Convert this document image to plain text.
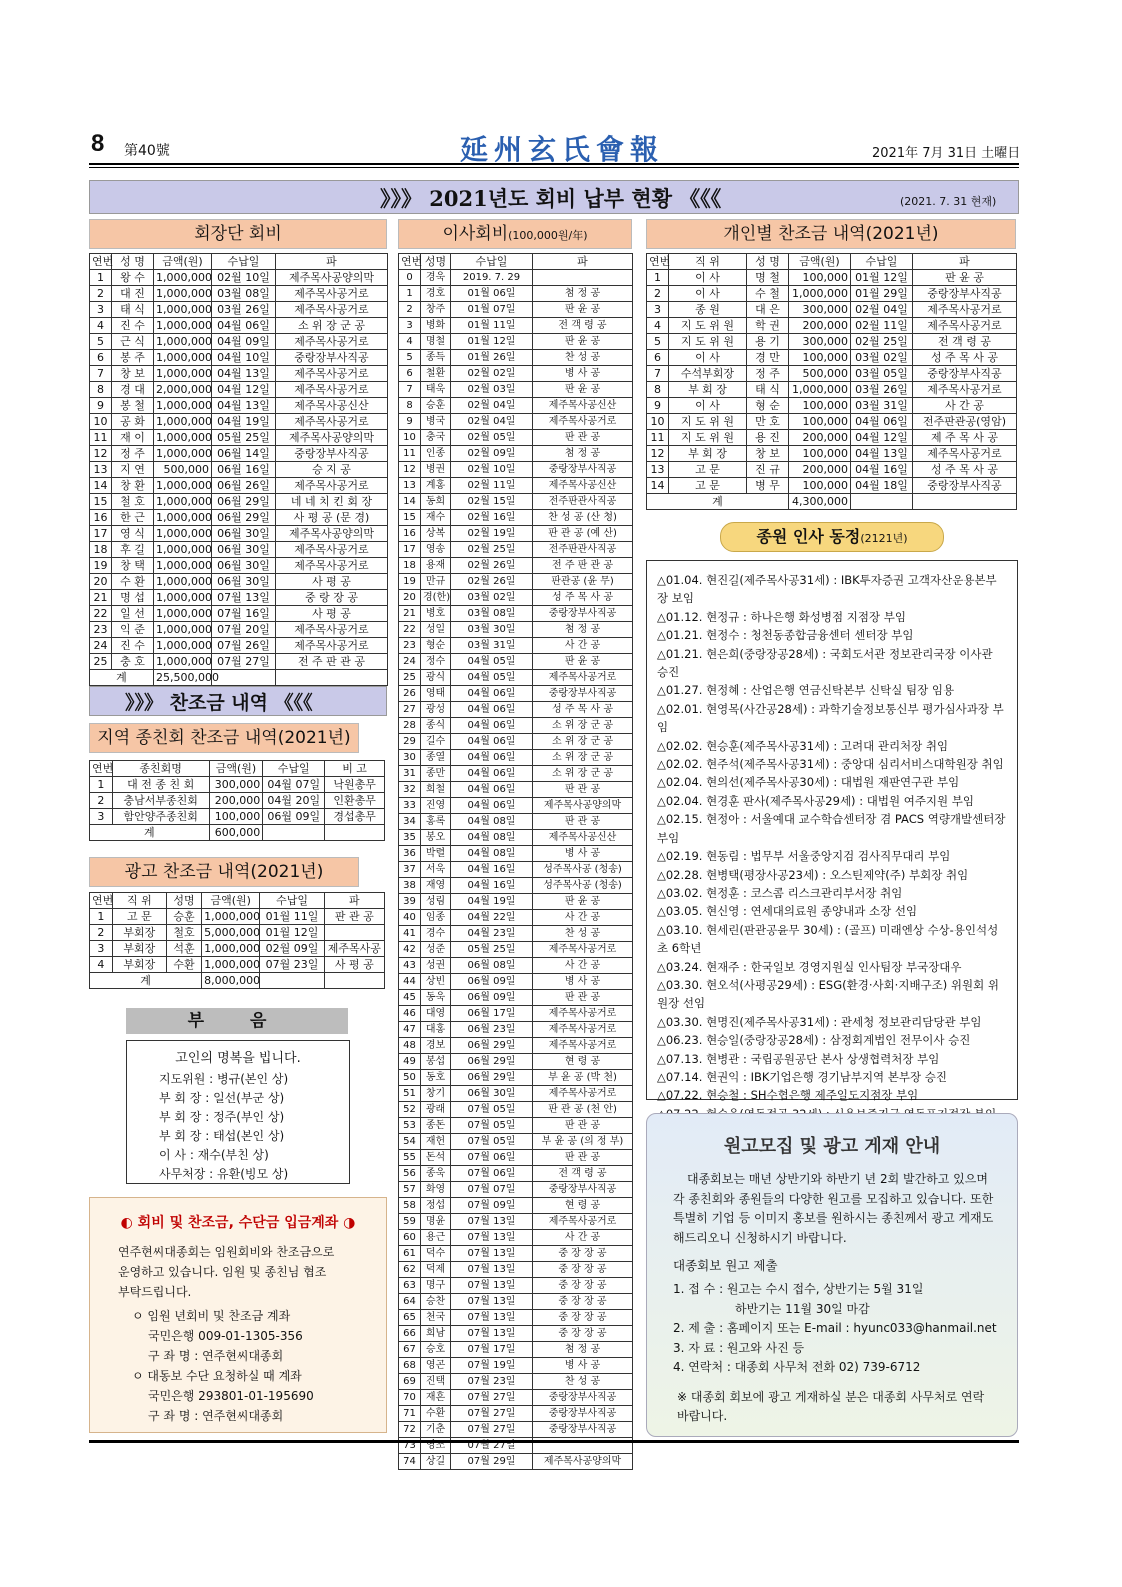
8 第40號	延州玄氏會報	2021年 7月 31日 土曜日
》》》 2021년도 회비 납부 현황 《《《	(2021. 7. 31 현재)
회장단 회비
연번	성 명	금액(원)	수납일	파
1	왕 수	1,000,000	02월 10일	제주목사공양의막
2	대 진	1,000,000	03월 08일	제주목사공거로
3	태 식	1,000,000	03월 26일	제주목사공거로
4	진 수	1,000,000	04월 06일	소 위 장 군 공
5	근 식	1,000,000	04월 09일	제주목사공거로
6	봉 주	1,000,000	04월 10일	중랑장부사직공
7	창 보	1,000,000	04월 13일	제주목사공거로
8	경 대	2,000,000	04월 12일	제주목사공거로
9	봉 철	1,000,000	04월 13일	제주목사공신산
10	공 화	1,000,000	04월 19일	제주목사공거로
11	재 이	1,000,000	05월 25일	제주목사공양의막
12	정 주	1,000,000	06월 14일	중랑장부사직공
13	지 연	500,000	06월 16일	승 지 공
14	창 환	1,000,000	06월 26일	제주목사공거로
15	철 호	1,000,000	06월 29일	네 네 치 킨 회 장
16	한 근	1,000,000	06월 29일	사 평 공 (문 경)
17	영 식	1,000,000	06월 30일	제주목사공양의막
18	후 길	1,000,000	06월 30일	제주목사공거로
19	창 택	1,000,000	06월 30일	제주목사공거로
20	수 환	1,000,000	06월 30일	사 평 공
21	명 섭	1,000,000	07월 13일	중 랑 장 공
22	일 선	1,000,000	07월 16일	사 평 공
23	익 준	1,000,000	07월 20일	제주목사공거로
24	진 수	1,000,000	07월 26일	제주목사공거로
25	충 호	1,000,000	07월 27일	전 주 판 관 공
계		25,500,000		
》》》 찬조금 내역 《《《
지역 종친회 찬조금 내역(2021년)
연번	종친회명	금액(원)	수납일	비 고
1	대 전 종 친 회	300,000	04월 07일	낙원총무
2	충남서부종친회	200,000	04월 20일	인환총무
3	함안양주종친회	100,000	06월 09일	경섭총무
계		600,000		
광고 찬조금 내역(2021년)
연번	직 위	성명	금액(원)	수납일	파
1	고 문	승훈	1,000,000	01월 11일	판 관 공
2	부회장	철호	5,000,000	01월 12일	
3	부회장	석훈	1,000,000	02월 09일	제주목사공
4	부회장	수환	1,000,000	07월 23일	사 평 공
계			8,000,000		
부 음
고인의 명복을 빕니다.
지도위원 : 병규(본인 상)
부 회 장 : 일선(부군 상)
부 회 장 : 정주(부인 상)
부 회 장 : 태섭(본인 상)
이 사 : 재수(부친 상)
사무처장 : 유환(빙모 상)
◐ 회비 및 찬조금, 수단금 입금계좌 ◑
연주현씨대종회는 임원회비와 찬조금으로
운영하고 있습니다. 임원 및 종친님 협조
부탁드립니다.
ㅇ 임원 년회비 및 찬조금 계좌
국민은행 009-01-1305-356
구 좌 명 : 연주현씨대종회
ㅇ 대동보 수단 요청하실 때 계좌
국민은행 293801-01-195690
구 좌 명 : 연주현씨대종회
이사회비(100,000원/年)
연번	성명	수납일	파
0	경욱	2019. 7. 29	
1	경호	01월 06일	첨 정 공
2	창주	01월 07일	판 윤 공
3	병화	01월 11일	전 객 령 공
4	명철	01월 12일	판 윤 공
5	종득	01월 26일	찬 성 공
6	철환	02월 02일	병 사 공
7	태욱	02월 03일	판 윤 공
8	승훈	02월 04일	제주목사공신산
9	병국	02월 04일	제주목사공거로
10	충국	02월 05일	판 관 공
11	인종	02월 09일	첨 정 공
12	병권	02월 10일	중랑장부사직공
13	계홍	02월 11일	제주목사공신산
14	동희	02월 15일	전주판관사직공
15	재수	02월 16일	찬 성 공 (산 청)
16	상복	02월 19일	판 관 공 (예 산)
17	영송	02월 25일	전주판관사직공
18	용재	02월 26일	전 주 판 관 공
19	만규	02월 26일	판관공 (윤 무)
20	경(한)	03월 02일	성 주 목 사 공
21	병호	03월 08일	중랑장부사직공
22	성일	03월 30일	첨 정 공
23	형순	03월 31일	사 간 공
24	정수	04월 05일	판 윤 공
25	광식	04월 05일	제주목사공거로
26	영태	04월 06일	중랑장부사직공
27	광성	04월 06일	성 주 목 사 공
28	종식	04월 06일	소 위 장 군 공
29	길수	04월 06일	소 위 장 군 공
30	종열	04월 06일	소 위 장 군 공
31	종만	04월 06일	소 위 장 군 공
32	희철	04월 06일	판 관 공
33	진영	04월 06일	제주목사공양의막
34	홍록	04월 08일	판 관 공
35	봉오	04월 08일	제주목사공신산
36	박렬	04월 08일	병 사 공
37	서욱	04월 16일	성주목사공 (청송)
38	재영	04월 16일	성주목사공 (청송)
39	성림	04월 19일	판 윤 공
40	임종	04월 22일	사 간 공
41	경수	04월 23일	찬 성 공
42	성준	05월 25일	제주목사공거로
43	성권	06월 08일	사 간 공
44	상빈	06월 09일	병 사 공
45	동욱	06월 09일	판 관 공
46	대영	06월 17일	제주목사공거로
47	대홍	06월 23일	제주목사공거로
48	경보	06월 29일	제주목사공거로
49	봉섭	06월 29일	현 령 공
50	동호	06월 29일	부 윤 공 (박 천)
51	창기	06월 30일	제주목사공거로
52	광래	07월 05일	판 관 공 (천 안)
53	종돈	07월 05일	판 관 공
54	재헌	07월 05일	부 윤 공 (의 정 부)
55	돈석	07월 06일	판 관 공
56	종욱	07월 06일	전 객 령 공
57	화영	07월 07일	중랑장부사직공
58	정섭	07월 09일	현 령 공
59	명윤	07월 13일	제주목사공거로
60	용근	07월 13일	사 간 공
61	덕수	07월 13일	중 장 장 공
62	덕제	07월 13일	중 장 장 공
63	명구	07월 13일	중 장 장 공
64	승찬	07월 13일	중 장 장 공
65	천국	07월 13일	중 장 장 공
66	희남	07월 13일	중 장 장 공
67	승호	07월 17일	첨 정 공
68	영곤	07월 19일	병 사 공
69	진택	07월 23일	찬 성 공
70	재흔	07월 27일	중랑장부사직공
71	수환	07월 27일	중랑장부사직공
72	기춘	07월 27일	중랑장부사직공
73	영조	07월 27일	
74	상길	07월 29일	제주목사공양의막
개인별 찬조금 내역(2021년)
연번	직 위	성 명	금액(원)	수납일	파
1	이 사	명 철	100,000	01월 12일	판 윤 공
2	이 사	수 철	1,000,000	01월 29일	중랑장부사직공
3	종 원	대 은	300,000	02월 04일	제주목사공거로
4	지 도 위 원	학 권	200,000	02월 11일	제주목사공거로
5	지 도 위 원	용 기	300,000	02월 25일	전 객 령 공
6	이 사	경 만	100,000	03월 02일	성 주 목 사 공
7	수석부회장	정 주	500,000	03월 05일	중랑장부사직공
8	부 회 장	태 식	1,000,000	03월 26일	제주목사공거로
9	이 사	형 순	100,000	03월 31일	사 간 공
10	지 도 위 원	만 호	100,000	04월 06일	전주판관공(영암)
11	지 도 위 원	용 진	200,000	04월 12일	제 주 목 사 공
12	부 회 장	창 보	100,000	04월 13일	제주목사공거로
13	고 문	진 규	200,000	04월 16일	성 주 목 사 공
14	고 문	병 무	100,000	04월 18일	중랑장부사직공
계			4,300,000		
종원 인사 동정(2121년)
△01.04. 현진길(제주목사공31세) : IBK투자증권 고객자산운용본부장 보임
△01.12. 현정규 : 하나은행 화성병점 지점장 부임
△01.21. 현정수 : 청천동종합금융센터 센터장 부임
△01.21. 현은희(중랑장공28세) : 국회도서관 정보관리국장 이사관 승진
△01.27. 현정혜 : 산업은행 연금신탁본부 신탁실 팀장 임용
△02.01. 현영목(사간공28세) : 과학기술정보통신부 평가심사과장 부임
△02.02. 현승훈(제주목사공31세) : 고려대 관리처장 취임
△02.02. 현주석(제주목사공31세) : 중앙대 심리서비스대학원장 취임
△02.04. 현의선(제주목사공30세) : 대법원 재판연구관 부임
△02.04. 현경훈 판사(제주목사공29세) : 대법원 여주지원 부임
△02.15. 현정아 : 서울예대 교수학습센터장 겸 PACS 역량개발센터장 부임
△02.19. 현동림 : 법무부 서울중앙지검 검사직무대리 부임
△02.28. 현병택(평장사공23세) : 오스틴제약(주) 부회장 취임
△03.02. 현정훈 : 코스콤 리스크관리부서장 취임
△03.05. 현신영 : 연세대의료원 종양내과 소장 선임
△03.10. 현세린(판관공윤무 30세) : (골프) 미래엔상 수상-용인석성 초 6학년
△03.24. 현재주 : 한국일보 경영지원실 인사팀장 부국장대우
△03.30. 현오석(사평공29세) : ESG(환경·사회·지배구조) 위원회 위원장 선임
△03.30. 현명진(제주목사공31세) : 관세청 정보관리담당관 부임
△06.23. 현승일(중랑장공28세) : 삼정회계법인 전무이사 승진
△07.13. 현병관 : 국립공원공단 본사 상생협력처장 부임
△07.14. 현권익 : IBK기업은행 경기남부지역 본부장 승진
△07.22. 현승철 : SH수협은행 제주일도지점장 부임
원고모집 및 광고 게재 안내
대종회보는 매년 상반기와 하반기 년 2회 발간하고 있으며 각 종친회와 종원들의 다양한 원고를 모집하고 있습니다. 또한 특별히 기업 등 이미지 홍보를 원하시는 종친께서 광고 게재도 해드리오니 신청하시기 바랍니다.
대종회보 원고 제출
1. 접 수 : 원고는 수시 접수, 상반기는 5월 31일
하반기는 11월 30일 마감
2. 제 출 : 홈페이지 또는 E-mail : hyunc033@hanmail.net
3. 자 료 : 원고와 사진 등
4. 연락처 : 대종회 사무처 전화 02) 739-6712
※ 대종회 회보에 광고 게재하실 분은 대종회 사무처로 연락 바랍니다.
